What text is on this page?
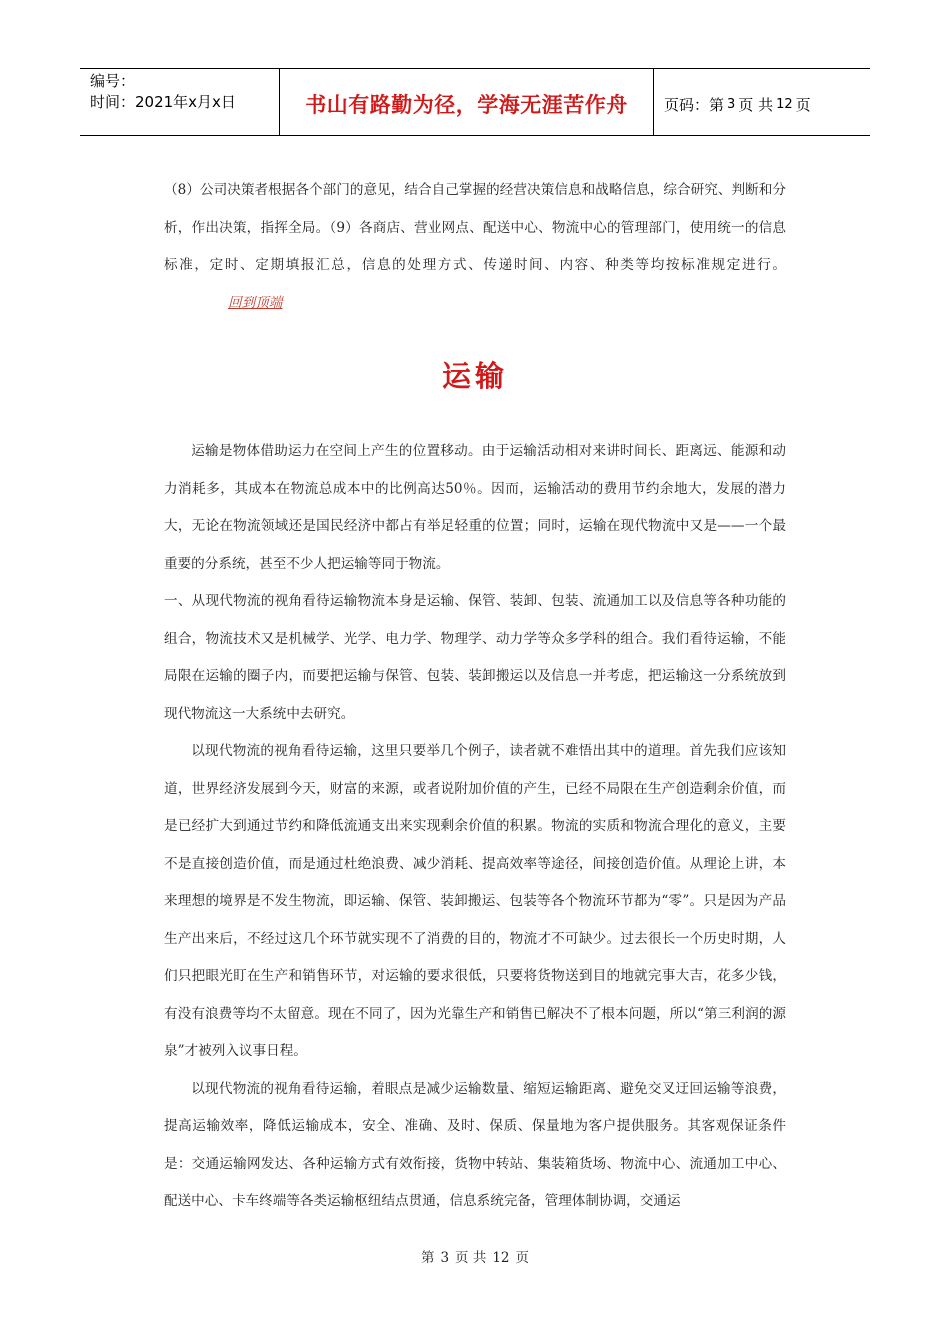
编号：
时间：2021年x月x日	书山有路勤为径，学海无涯苦作舟 页码：第 3 页 共 12 页
（8）公司决策者根据各个部门的意见，结合自己掌握的经营决策信息和战略信息，综合研究、判断和分析，作出决策，指挥全局。（9）各商店、营业网点、配送中心、物流中心的管理部门，使用统一的信息标准，定时、定期填报汇总，信息的处理方式、传递时间、内容、种类等均按标准规定进行。回到顶端
运输
运输是物体借助运力在空间上产生的位置移动。由于运输活动相对来讲时间长、距离远、能源和动力消耗多，其成本在物流总成本中的比例高达50％。因而，运输活动的费用节约余地大，发展的潜力大，无论在物流领域还是国民经济中都占有举足轻重的位置；同时，运输在现代物流中又是——一个最重要的分系统，甚至不少人把运输等同于物流。
一、从现代物流的视角看待运输物流本身是运输、保管、装卸、包装、流通加工以及信息等各种功能的组合，物流技术又是机械学、光学、电力学、物理学、动力学等众多学科的组合。我们看待运输，不能局限在运输的圈子内，而要把运输与保管、包装、装卸搬运以及信息一并考虑，把运输这一分系统放到现代物流这一大系统中去研究。
以现代物流的视角看待运输，这里只要举几个例子，读者就不难悟出其中的道理。首先我们应该知道，世界经济发展到今天，财富的来源，或者说附加价值的产生，已经不局限在生产创造剩余价值，而是已经扩大到通过节约和降低流通支出来实现剩余价值的积累。物流的实质和物流合理化的意义，主要不是直接创造价值，而是通过杜绝浪费、减少消耗、提高效率等途径，间接创造价值。从理论上讲，本来理想的境界是不发生物流，即运输、保管、装卸搬运、包装等各个物流环节都为“零”。只是因为产品生产出来后，不经过这几个环节就实现不了消费的目的，物流才不可缺少。过去很长一个历史时期，人们只把眼光盯在生产和销售环节，对运输的要求很低，只要将货物送到目的地就完事大吉，花多少钱，有没有浪费等均不太留意。现在不同了，因为光靠生产和销售已解决不了根本问题，所以“第三利润的源泉”才被列入议事日程。
以现代物流的视角看待运输，着眼点是减少运输数量、缩短运输距离、避免交叉迂回运输等浪费，提高运输效率，降低运输成本，安全、准确、及时、保质、保量地为客户提供服务。其客观保证条件是：交通运输网发达、各种运输方式有效衔接，货物中转站、集装箱货场、物流中心、流通加工中心、配送中心、卡车终端等各类运输枢纽结点贯通，信息系统完备，管理体制协调，交通运
第 3 页 共 12 页
